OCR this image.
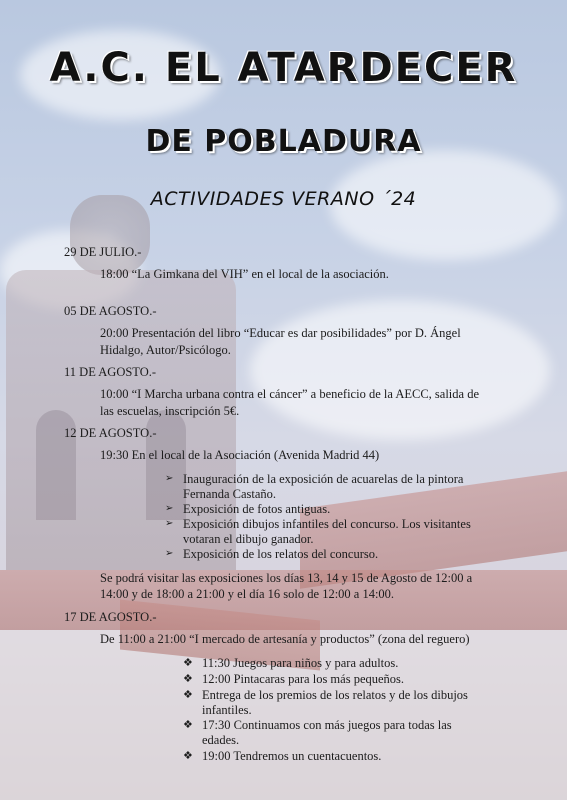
A.C. EL ATARDECER
DE POBLADURA
ACTIVIDADES VERANO ´24
29 DE JULIO.-
18:00 “La Gimkana del VIH” en el local de la asociación.
05 DE AGOSTO.-
20:00 Presentación del libro “Educar es dar posibilidades” por D. Ángel
Hidalgo, Autor/Psicólogo.
11 DE AGOSTO.-
10:00 “I Marcha urbana contra el cáncer” a beneficio de la AECC, salida de
las escuelas, inscripción 5€.
12 DE AGOSTO.-
19:30 En el local de la Asociación (Avenida Madrid 44)
➢ Inauguración de la exposición de acuarelas de la pintora
Fernanda Castaño.
➢ Exposición de fotos antiguas.
➢ Exposición dibujos infantiles del concurso. Los visitantes
votaran el dibujo ganador.
➢ Exposición de los relatos del concurso.
Se podrá visitar las exposiciones los días 13, 14 y 15 de Agosto de 12:00 a
14:00 y de 18:00 a 21:00 y el día 16 solo de 12:00 a 14:00.
17 DE AGOSTO.-
De 11:00 a 21:00 “I mercado de artesanía y productos” (zona del reguero)
❖ 11:30 Juegos para niños y para adultos.
❖ 12:00 Pintacaras para los más pequeños.
❖ Entrega de los premios de los relatos y de los dibujos
infantiles.
❖ 17:30 Continuamos con más juegos para todas las
edades.
❖ 19:00 Tendremos un cuentacuentos.
